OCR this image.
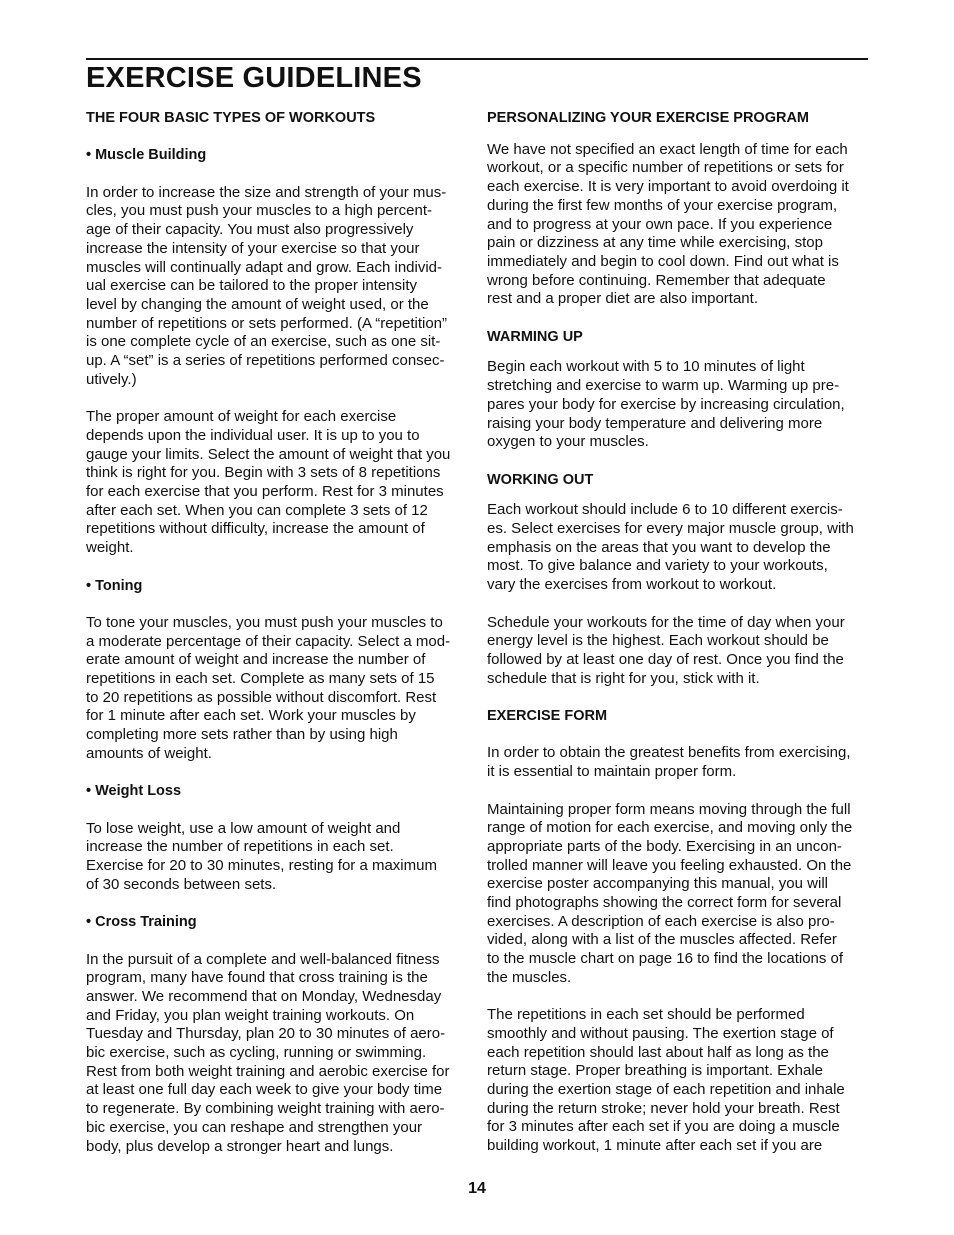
EXERCISE GUIDELINES
THE FOUR BASIC TYPES OF WORKOUTS
• Muscle Building
In order to increase the size and strength of your mus-
cles, you must push your muscles to a high percent-
age of their capacity. You must also progressively
increase the intensity of your exercise so that your
muscles will continually adapt and grow. Each individ-
ual exercise can be tailored to the proper intensity
level by changing the amount of weight used, or the
number of repetitions or sets performed. (A “repetition”
is one complete cycle of an exercise, such as one sit-
up. A “set” is a series of repetitions performed consec-
utively.)
The proper amount of weight for each exercise
depends upon the individual user. It is up to you to
gauge your limits. Select the amount of weight that you
think is right for you. Begin with 3 sets of 8 repetitions
for each exercise that you perform. Rest for 3 minutes
after each set. When you can complete 3 sets of 12
repetitions without difficulty, increase the amount of
weight.
• Toning
To tone your muscles, you must push your muscles to
a moderate percentage of their capacity. Select a mod-
erate amount of weight and increase the number of
repetitions in each set. Complete as many sets of 15
to 20 repetitions as possible without discomfort. Rest
for 1 minute after each set. Work your muscles by
completing more sets rather than by using high
amounts of weight.
• Weight Loss
To lose weight, use a low amount of weight and
increase the number of repetitions in each set.
Exercise for 20 to 30 minutes, resting for a maximum
of 30 seconds between sets.
• Cross Training
In the pursuit of a complete and well-balanced fitness
program, many have found that cross training is the
answer. We recommend that on Monday, Wednesday
and Friday, you plan weight training workouts. On
Tuesday and Thursday, plan 20 to 30 minutes of aero-
bic exercise, such as cycling, running or swimming.
Rest from both weight training and aerobic exercise for
at least one full day each week to give your body time
to regenerate. By combining weight training with aero-
bic exercise, you can reshape and strengthen your
body, plus develop a stronger heart and lungs.
PERSONALIZING YOUR EXERCISE PROGRAM
We have not specified an exact length of time for each
workout, or a specific number of repetitions or sets for
each exercise. It is very important to avoid overdoing it
during the first few months of your exercise program,
and to progress at your own pace. If you experience
pain or dizziness at any time while exercising, stop
immediately and begin to cool down. Find out what is
wrong before continuing. Remember that adequate
rest and a proper diet are also important.
WARMING UP
Begin each workout with 5 to 10 minutes of light
stretching and exercise to warm up. Warming up pre-
pares your body for exercise by increasing circulation,
raising your body temperature and delivering more
oxygen to your muscles.
WORKING OUT
Each workout should include 6 to 10 different exercis-
es. Select exercises for every major muscle group, with
emphasis on the areas that you want to develop the
most. To give balance and variety to your workouts,
vary the exercises from workout to workout.
Schedule your workouts for the time of day when your
energy level is the highest. Each workout should be
followed by at least one day of rest. Once you find the
schedule that is right for you, stick with it.
EXERCISE FORM
In order to obtain the greatest benefits from exercising,
it is essential to maintain proper form.
Maintaining proper form means moving through the full
range of motion for each exercise, and moving only the
appropriate parts of the body. Exercising in an uncon-
trolled manner will leave you feeling exhausted. On the
exercise poster accompanying this manual, you will
find photographs showing the correct form for several
exercises. A description of each exercise is also pro-
vided, along with a list of the muscles affected. Refer
to the muscle chart on page 16 to find the locations of
the muscles.
The repetitions in each set should be performed
smoothly and without pausing. The exertion stage of
each repetition should last about half as long as the
return stage. Proper breathing is important. Exhale
during the exertion stage of each repetition and inhale
during the return stroke; never hold your breath. Rest
for 3 minutes after each set if you are doing a muscle
building workout, 1 minute after each set if you are
14
